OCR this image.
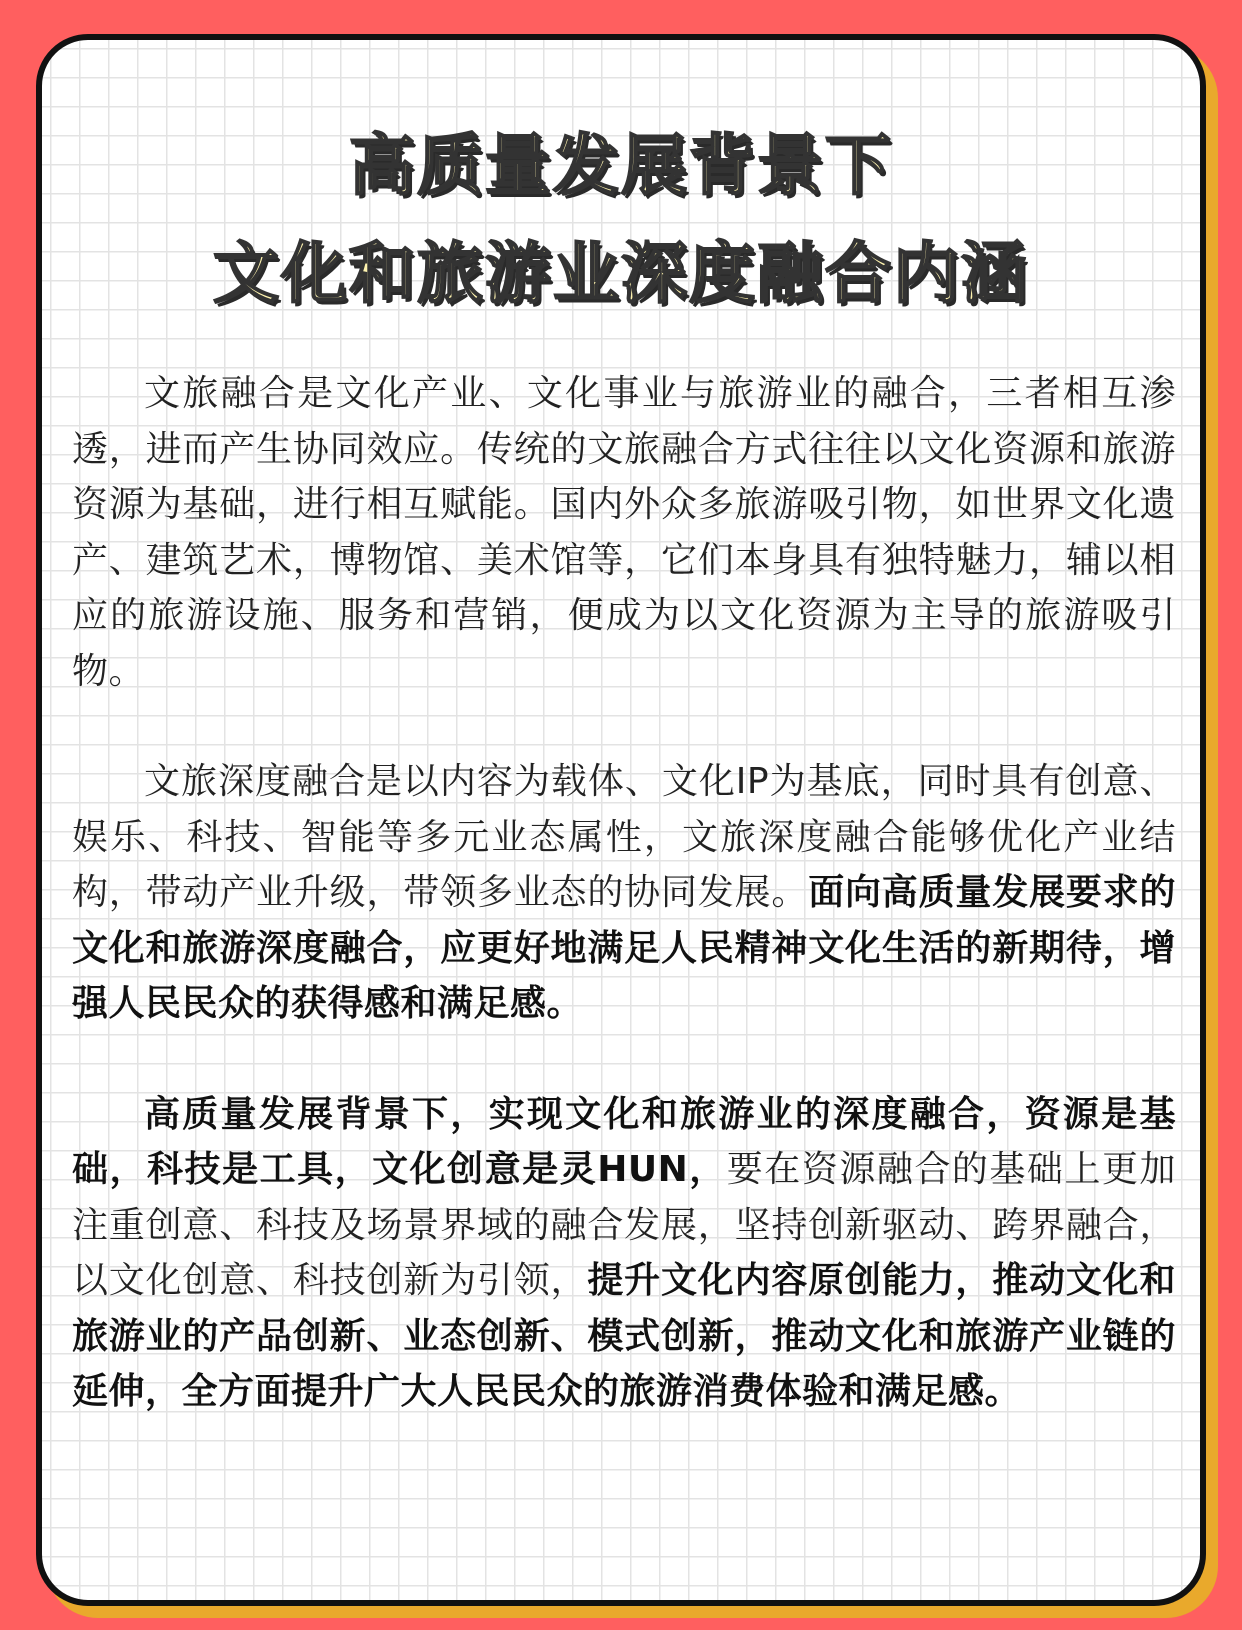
高质量发展背景下
文化和旅游业深度融合内涵

文旅融合是文化产业、文化事业与旅游业的融合，三者相互渗透，进而产生协同效应。传统的文旅融合方式往往以文化资源和旅游资源为基础，进行相互赋能。国内外众多旅游吸引物，如世界文化遗产、建筑艺术，博物馆、美术馆等，它们本身具有独特魅力，辅以相应的旅游设施、服务和营销，便成为以文化资源为主导的旅游吸引物。

文旅深度融合是以内容为载体、文化IP为基底，同时具有创意、娱乐、科技、智能等多元业态属性，文旅深度融合能够优化产业结构，带动产业升级，带领多业态的协同发展。面向高质量发展要求的文化和旅游深度融合，应更好地满足人民精神文化生活的新期待，增强人民民众的获得感和满足感。

高质量发展背景下，实现文化和旅游业的深度融合，资源是基础，科技是工具，文化创意是灵HUN，要在资源融合的基础上更加注重创意、科技及场景界域的融合发展，坚持创新驱动、跨界融合，以文化创意、科技创新为引领，提升文化内容原创能力，推动文化和旅游业的产品创新、业态创新、模式创新，推动文化和旅游产业链的延伸，全方面提升广大人民民众的旅游消费体验和满足感。
